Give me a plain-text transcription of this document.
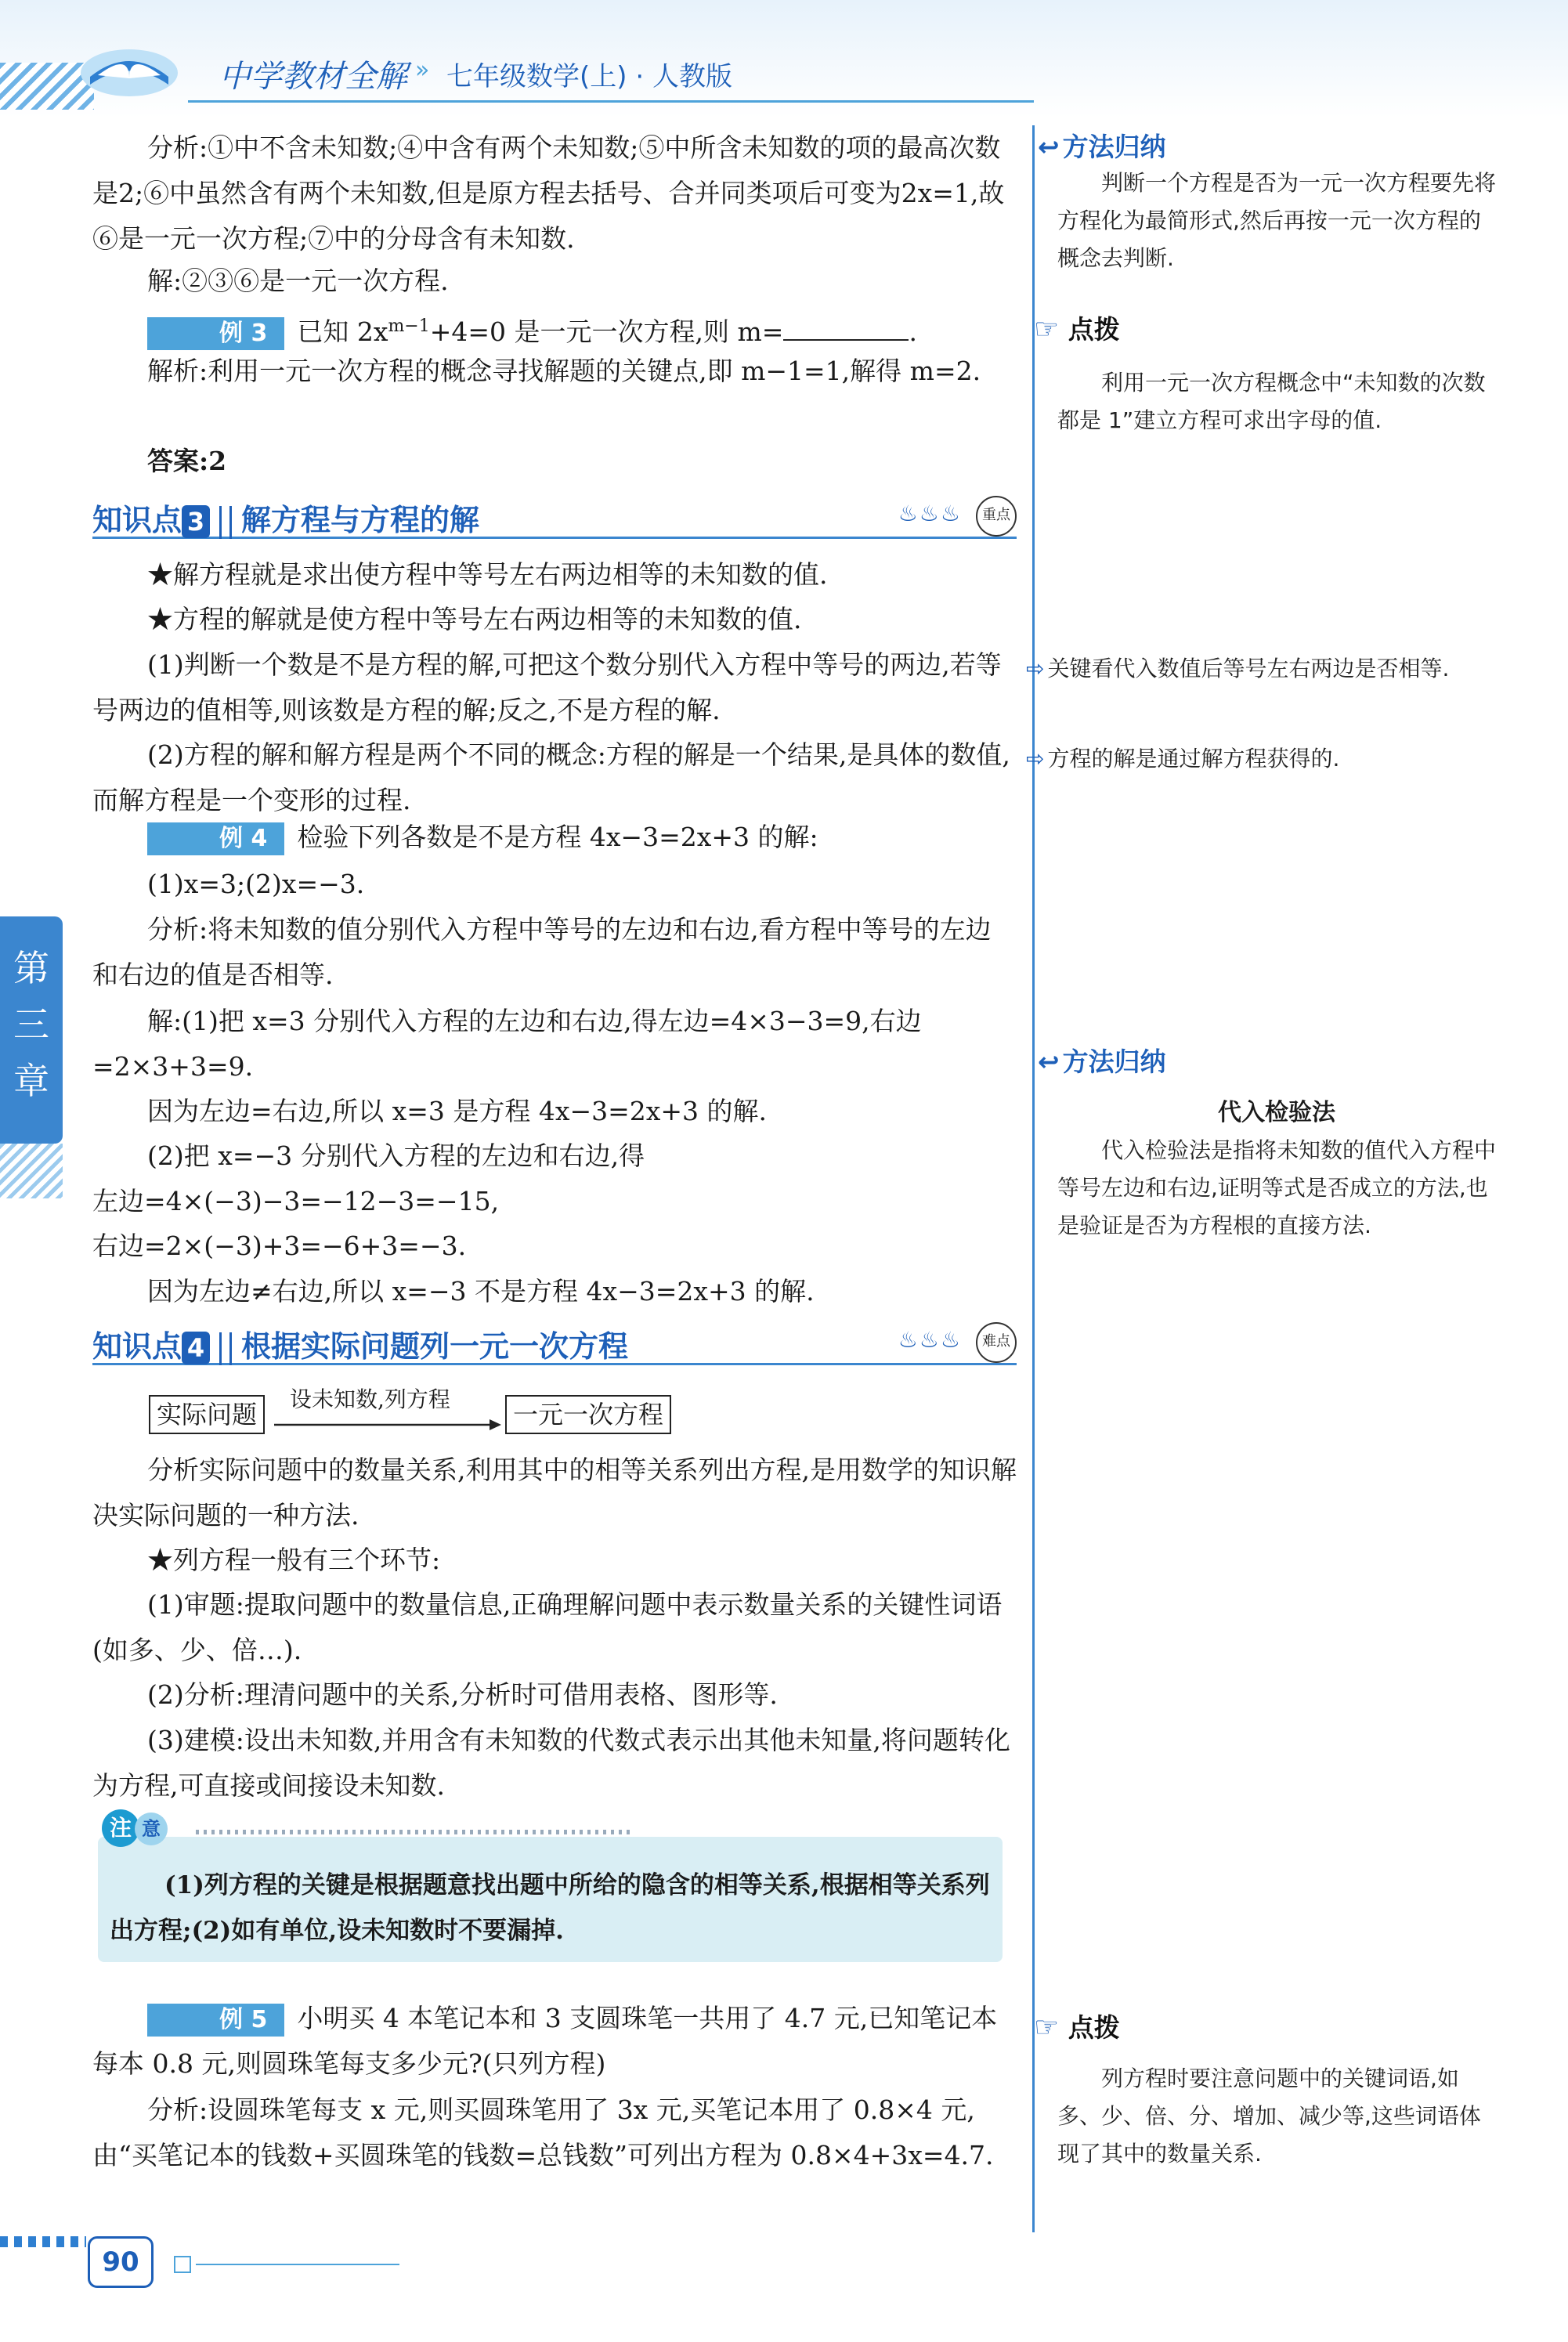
中学教材全解 » 七年级数学(上) · 人教版
第三章

分析:①中不含未知数;④中含有两个未知数;⑤中所含未知数的项的最高次数是2;⑥中虽然含有两个未知数,但是原方程去括号、合并同类项后可变为2x=1,故⑥是一元一次方程;⑦中的分母含有未知数.

解:②③⑥是一元一次方程.

例 3 已知 $2x^{m-1}+4=0$ 是一元一次方程,则 m=	.

解析:利用一元一次方程的概念寻找解题的关键点,即 m−1=1,解得 m=2.

答案:2

知识点 3 解方程与方程的解	♨♨♨	重点

★解方程就是求出使方程中等号左右两边相等的未知数的值.

★方程的解就是使方程中等号左右两边相等的未知数的值.

(1)判断一个数是不是方程的解,可把这个数分别代入方程中等号的两边,若等号两边的值相等,则该数是方程的解;反之,不是方程的解.

(2)方程的解和解方程是两个不同的概念:方程的解是一个结果,是具体的数值,而解方程是一个变形的过程.

例 4 检验下列各数是不是方程 4x−3=2x+3 的解:

(1)x=3;(2)x=−3.

分析:将未知数的值分别代入方程中等号的左边和右边,看方程中等号的左边和右边的值是否相等.

解:(1)把 x=3 分别代入方程的左边和右边,得左边=4×3−3=9,右边=2×3+3=9.

因为左边=右边,所以 x=3 是方程 4x−3=2x+3 的解.

(2)把 x=−3 分别代入方程的左边和右边,得

左边=4×(−3)−3=−12−3=−15,

右边=2×(−3)+3=−6+3=−3.

因为左边≠右边,所以 x=−3 不是方程 4x−3=2x+3 的解.

知识点 4 根据实际问题列一元一次方程	♨♨♨	难点
实际问题
设未知数,列方程
一元一次方程

分析实际问题中的数量关系,利用其中的相等关系列出方程,是用数学的知识解决实际问题的一种方法.

★列方程一般有三个环节:

(1)审题:提取问题中的数量信息,正确理解问题中表示数量关系的关键性词语(如多、少、倍…).

(2)分析:理清问题中的关系,分析时可借用表格、图形等.

(3)建模:设出未知数,并用含有未知数的代数式表示出其他未知量,将问题转化为方程,可直接或间接设未知数.

注 意

(1)列方程的关键是根据题意找出题中所给的隐含的相等关系,根据相等关系列出方程;(2)如有单位,设未知数时不要漏掉.

例 5 小明买 4 本笔记本和 3 支圆珠笔一共用了 4.7 元,已知笔记本每本 0.8 元,则圆珠笔每支多少元?(只列方程)

分析:设圆珠笔每支 x 元,则买圆珠笔用了 3x 元,买笔记本用了 0.8×4 元,由“买笔记本的钱数+买圆珠笔的钱数=总钱数”可列出方程为 0.8×4+3x=4.7.

90
↩ 方法归纳

判断一个方程是否为一元一次方程要先将方程化为最简形式,然后再按一元一次方程的概念去判断.

☞ 点拨

利用一元一次方程概念中“未知数的次数都是 1”建立方程可求出字母的值.

⇨ 关键看代入数值后等号左右两边是否相等.

⇨ 方程的解是通过解方程获得的.

↩ 方法归纳
代入检验法

代入检验法是指将未知数的值代入方程中等号左边和右边,证明等式是否成立的方法,也是验证是否为方程根的直接方法.

☞ 点拨

列方程时要注意问题中的关键词语,如多、少、倍、分、增加、减少等,这些词语体现了其中的数量关系.
